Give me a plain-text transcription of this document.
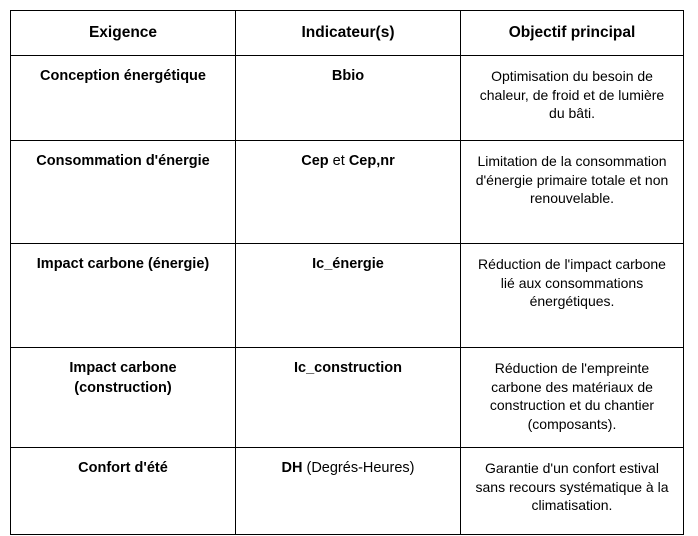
Exigence	Indicateur(s)	Objectif principal
Conception énergétique	Bbio	Optimisation du besoin de chaleur, de froid et de lumière du bâti.
Consommation d'énergie	Cep et Cep,nr	Limitation de la consommation d'énergie primaire totale et non renouvelable.
Impact carbone (énergie)	Ic_énergie	Réduction de l'impact carbone lié aux consommations énergétiques.
Impact carbone (construction)	Ic_construction	Réduction de l'empreinte carbone des matériaux de construction et du chantier (composants).
Confort d'été	DH (Degrés-Heures)	Garantie d'un confort estival sans recours systématique à la climatisation.
